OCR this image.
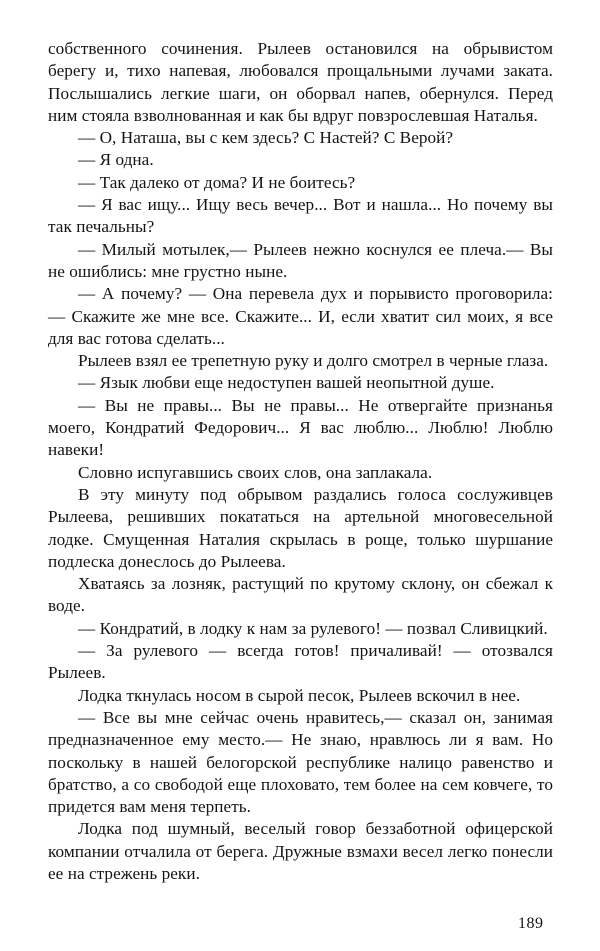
собственного сочинения. Рылеев остановился на обрывистом берегу и, тихо напевая, любовался прощальными лучами заката. Послышались легкие шаги, он оборвал напев, обернулся. Перед ним стояла взволнованная и как бы вдруг повзрослевшая Наталья.

— О, Наташа, вы с кем здесь? С Настей? С Верой?

— Я одна.

— Так далеко от дома? И не боитесь?

— Я вас ищу... Ищу весь вечер... Вот и нашла... Но почему вы так печальны?

— Милый мотылек,— Рылеев нежно коснулся ее плеча.— Вы не ошиблись: мне грустно ныне.

— А почему? — Она перевела дух и порывисто проговорила: — Скажите же мне все. Скажите... И, если хватит сил моих, я все для вас готова сделать...

Рылеев взял ее трепетную руку и долго смотрел в черные глаза.

— Язык любви еще недоступен вашей неопытной душе.

— Вы не правы... Вы не правы... Не отвергайте признанья моего, Кондратий Федорович... Я вас люблю... Люблю! Люблю навеки!

Словно испугавшись своих слов, она заплакала.

В эту минуту под обрывом раздались голоса сослуживцев Рылеева, решивших покататься на артельной многовесельной лодке. Смущенная Наталия скрылась в роще, только шуршание подлеска донеслось до Рылеева.

Хватаясь за лозняк, растущий по крутому склону, он сбежал к воде.

— Кондратий, в лодку к нам за рулевого! — позвал Сливицкий.

— За рулевого — всегда готов! причаливай! — отозвался Рылеев.

Лодка ткнулась носом в сырой песок, Рылеев вскочил в нее.

— Все вы мне сейчас очень нравитесь,— сказал он, занимая предназначенное ему место.— Не знаю, нравлюсь ли я вам. Но поскольку в нашей белогорской республике налицо равенство и братство, а со свободой еще плоховато, тем более на сем ковчеге, то придется вам меня терпеть.

Лодка под шумный, веселый говор беззаботной офицерской компании отчалила от берега. Дружные взмахи весел легко понесли ее на стрежень реки.

189
